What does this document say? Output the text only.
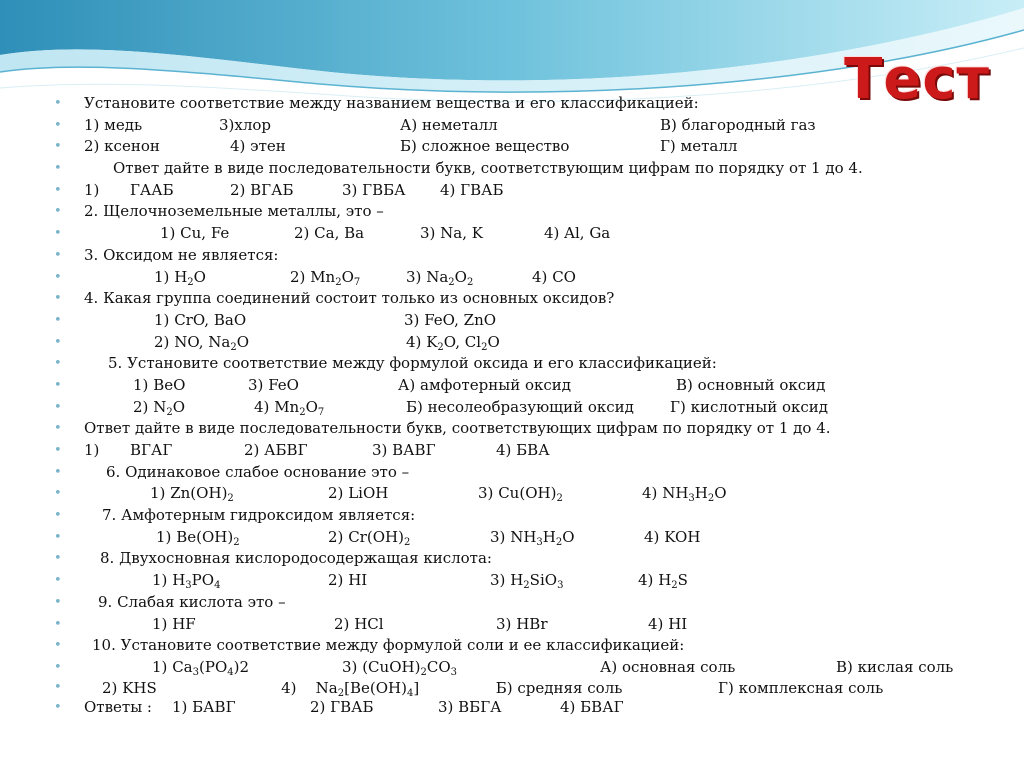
Тест
• Установите соответствие между названием вещества и его классификацией:
• 1) медь	3)хлор	А) неметалл	В) благородный газ
• 2) ксенон	4) этен	Б) сложное вещество	Г) металл
•	Ответ дайте в виде последовательности букв, соответствующим цифрам по порядку от 1 до 4.
• 1) ГААБ	2) ВГАБ	3) ГВБА 4) ГВАБ
• 2. Щелочноземельные металлы, это –
•	1) Cu, Fe	2) Ca, Ba	3) Na, K	4) Al, Ga
• 3. Оксидом не является:
•	1) $H_2O$	2) $Mn_2O_7$	3) $Na_2O_2$	4) CO
• 4. Какая группа соединений состоит только из основных оксидов?
•	1) CrO, BaO	3) FeO, ZnO
•	2) NO, $Na_2O$	4) $K_2O$, $Cl_2O$
•	5. Установите соответствие между формулой оксида и его классификацией:
•	1) BeO	3) FeO	А) амфотерный оксид	В) основный оксид
•	2) $N_2O$	4) $Mn_2O_7$	Б) несолеобразующий оксид Г) кислотный оксид
• Ответ дайте в виде последовательности букв, соответствующих цифрам по порядку от 1 до 4.
• 1) ВГАГ	2) АБВГ	3) ВАВГ	4) БВА
•	6. Одинаковое слабое основание это –
•	1) $Zn(OH)_2$	2) LiOH	3) $Cu(OH)_2$	4) $NH_3H_2O$
•	7. Амфотерным гидроксидом является:
•	1) $Be(OH)_2$	2) $Cr(OH)_2$	3) $NH_3H_2O$	4) KOH
•	8. Двухосновная кислородосодержащая кислота:
•	1) $H_3PO_4$	2) HI	3) $H_2SiO_3$	4) $H_2S$
• 9. Слабая кислота это –
•	1) HF	2) HCl	3) HBr	4) HI
• 10. Установите соответствие между формулой соли и ее классификацией:
•	1) $Ca_3(PO_4)2$	3) $(CuOH)_2CO_3$	А) основная соль	В) кислая соль
•	2) KHS	4) $Na_2[Be(OH)_4]$	Б) средняя соль	Г) комплексная соль
• Ответы : 1) БАВГ	2) ГВАБ	3) ВБГА	4) БВАГ
